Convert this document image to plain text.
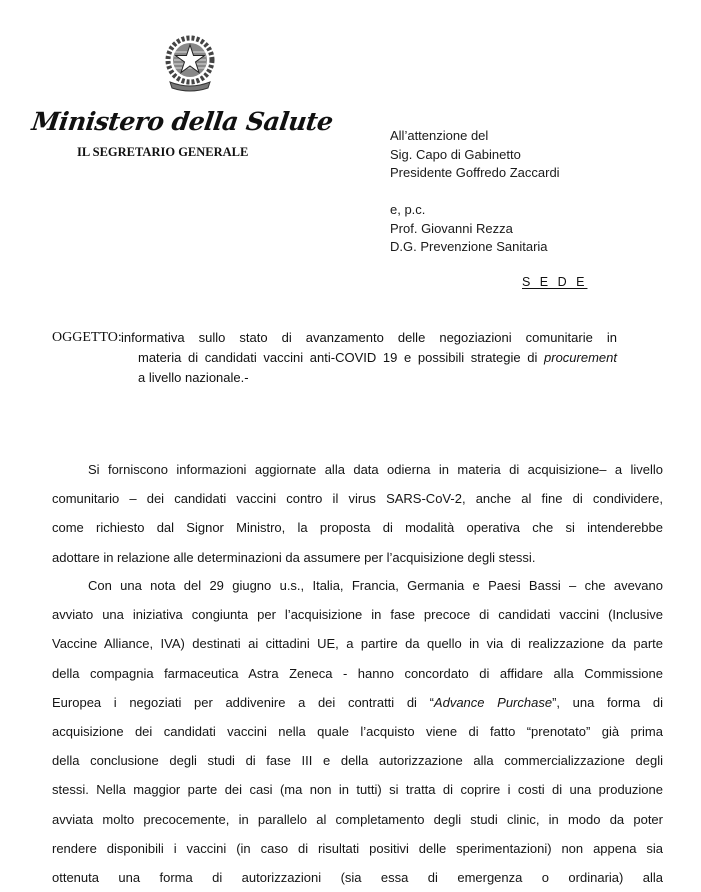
Ministero della Salute
IL SEGRETARIO GENERALE
All’attenzione del
Sig. Capo di Gabinetto
Presidente Goffredo Zaccardi
e, p.c.
Prof. Giovanni Rezza
D.G. Prevenzione Sanitaria
S E D E
OGGETTO: informativa sullo stato di avanzamento delle negoziazioni comunitarie in
materia di candidati vaccini anti-COVID 19 e possibili strategie di procurement
a livello nazionale.-
Si forniscono informazioni aggiornate alla data odierna in materia di acquisizione– a livello
comunitario – dei candidati vaccini contro il virus SARS-CoV-2, anche al fine di condividere,
come richiesto dal Signor Ministro, la proposta di modalità operativa che si intenderebbe
adottare in relazione alle determinazioni da assumere per l’acquisizione degli stessi.
Con una nota del 29 giugno u.s., Italia, Francia, Germania e Paesi Bassi – che avevano
avviato una iniziativa congiunta per l’acquisizione in fase precoce di candidati vaccini (Inclusive
Vaccine Alliance, IVA) destinati ai cittadini UE, a partire da quello in via di realizzazione da parte
della compagnia farmaceutica Astra Zeneca - hanno concordato di affidare alla Commissione
Europea i negoziati per addivenire a dei contratti di “Advance Purchase”, una forma di
acquisizione dei candidati vaccini nella quale l’acquisto viene di fatto “prenotato” già prima
della conclusione degli studi di fase III e della autorizzazione alla commercializzazione degli
stessi. Nella maggior parte dei casi (ma non in tutti) si tratta di coprire i costi di una produzione
avviata molto precocemente, in parallelo al completamento degli studi clinic, in modo da poter
rendere disponibili i vaccini (in caso di risultati positivi delle sperimentazioni) non appena sia
ottenuta una forma di autorizzazioni (sia essa di emergenza o ordinaria) alla
